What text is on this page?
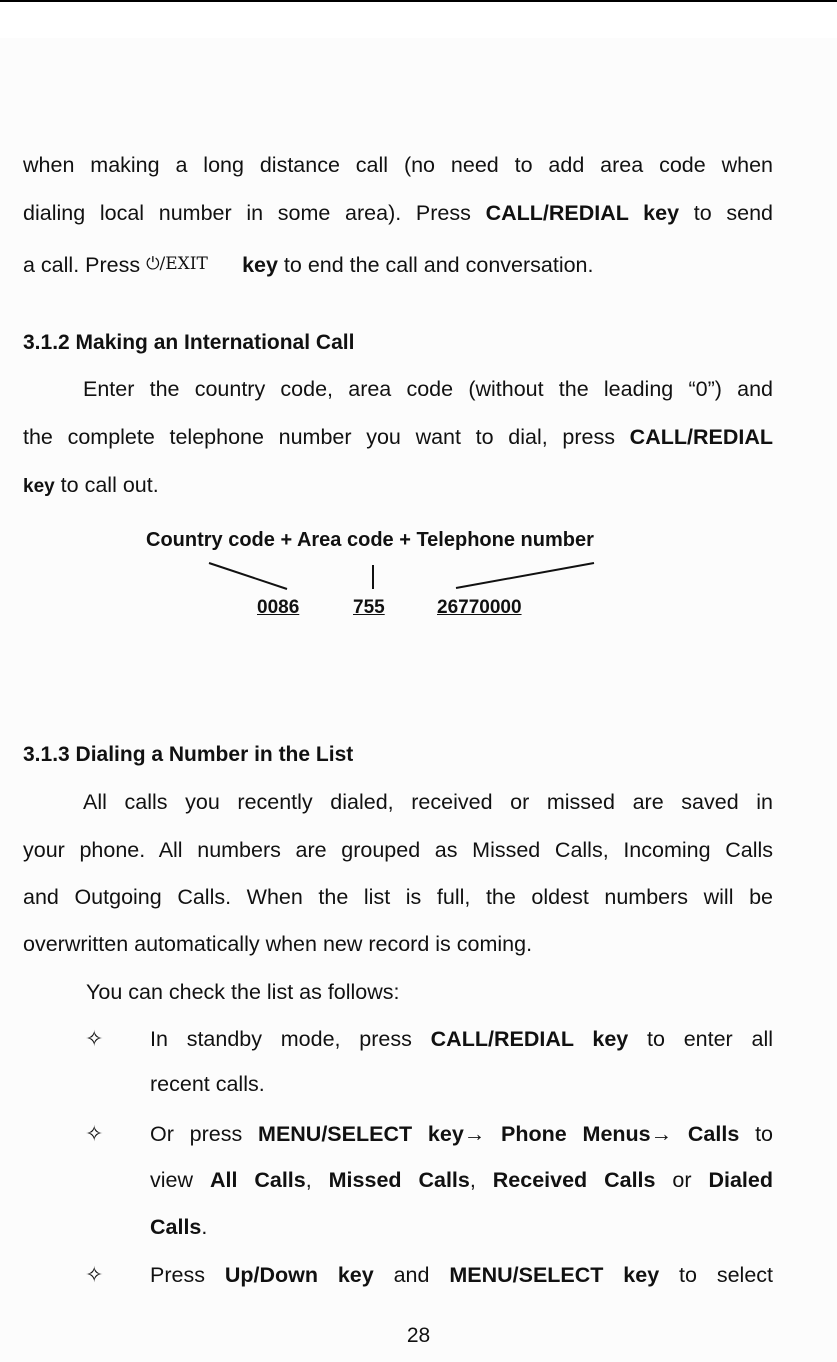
when making a long distance call (no need to add area code when
dialing local number in some area). Press CALL/REDIAL key to send
a call. Press ⏻/EXIT key to end the call and conversation.
3.1.2 Making an International Call
Enter the country code, area code (without the leading “0”) and
the complete telephone number you want to dial, press CALL/REDIAL
key to call out.
Country code + Area code + Telephone number
0086	755	26770000
3.1.3 Dialing a Number in the List
All calls you recently dialed, received or missed are saved in
your phone. All numbers are grouped as Missed Calls, Incoming Calls
and Outgoing Calls. When the list is full, the oldest numbers will be
overwritten automatically when new record is coming.
You can check the list as follows:
✧ In standby mode, press CALL/REDIAL key to enter all
recent calls.
✧ Or press MENU/SELECT key→ Phone Menus→ Calls to
view All Calls, Missed Calls, Received Calls or Dialed
Calls.
✧ Press Up/Down key and MENU/SELECT key to select
28
